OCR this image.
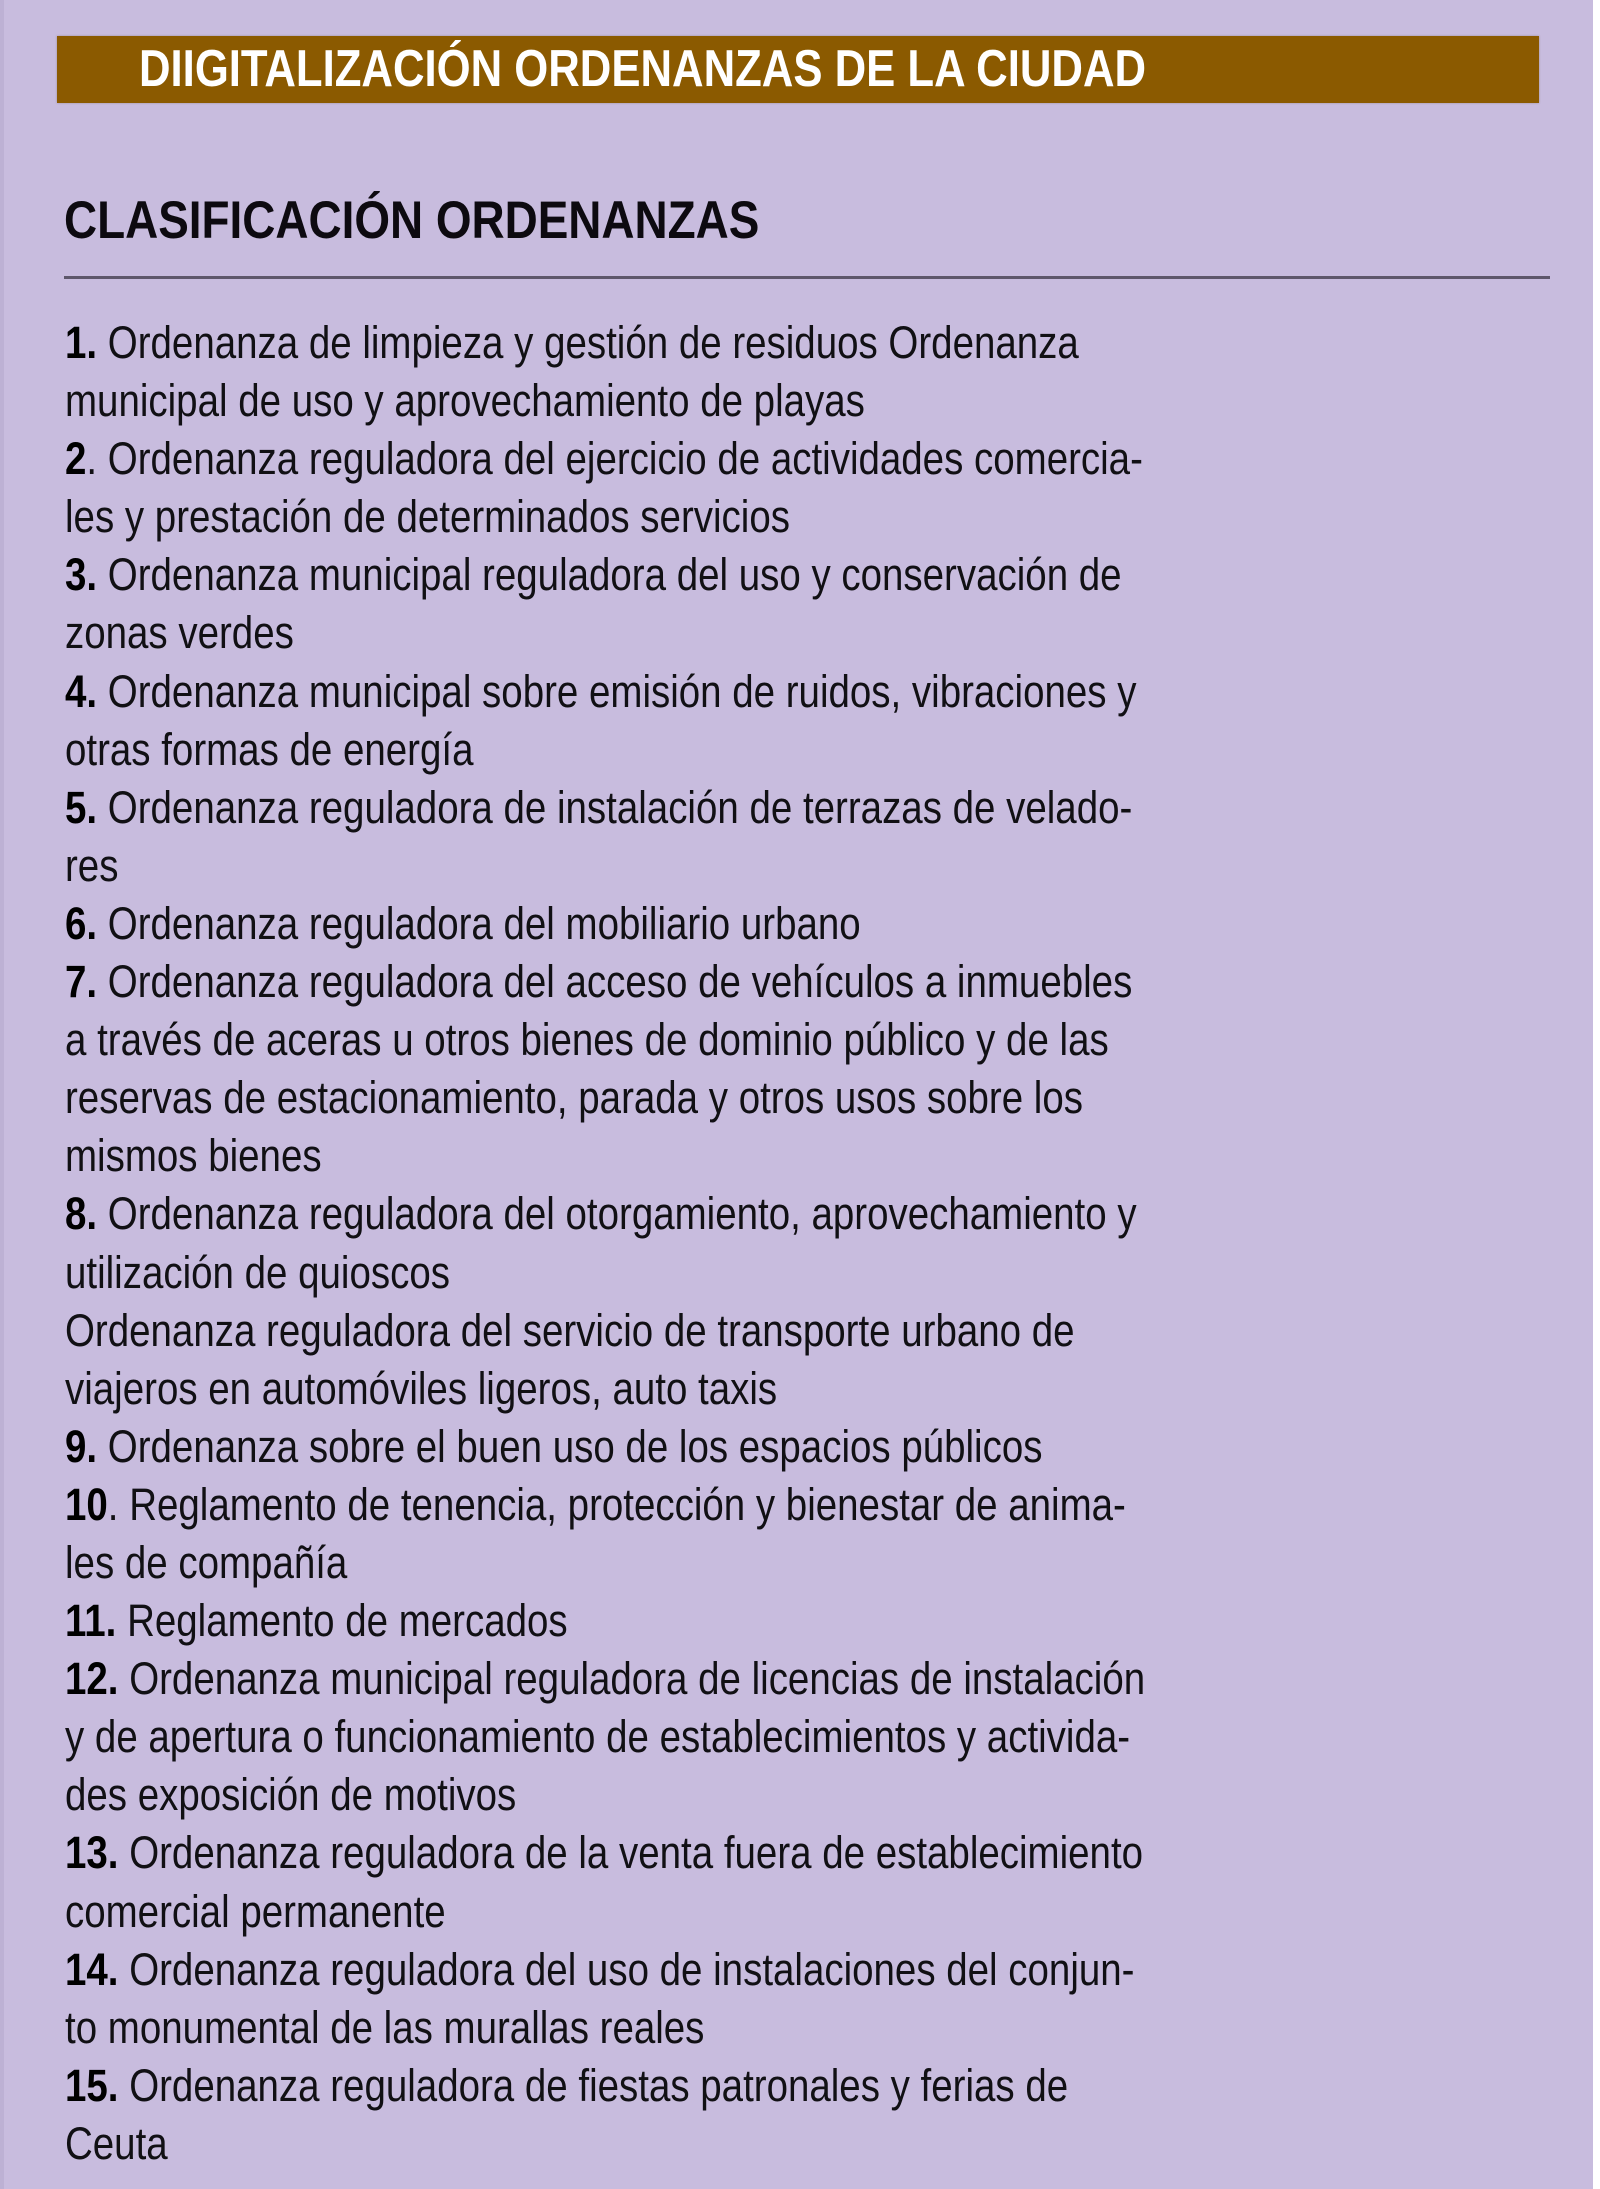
DIIGITALIZACIÓN ORDENANZAS DE LA CIUDAD
CLASIFICACIÓN ORDENANZAS
1. Ordenanza de limpieza y gestión de residuos Ordenanza
municipal de uso y aprovechamiento de playas
2. Ordenanza reguladora del ejercicio de actividades comercia-
les y prestación de determinados servicios
3. Ordenanza municipal reguladora del uso y conservación de
zonas verdes
4. Ordenanza municipal sobre emisión de ruidos, vibraciones y
otras formas de energía
5. Ordenanza reguladora de instalación de terrazas de velado-
res
6. Ordenanza reguladora del mobiliario urbano
7. Ordenanza reguladora del acceso de vehículos a inmuebles
a través de aceras u otros bienes de dominio público y de las
reservas de estacionamiento, parada y otros usos sobre los
mismos bienes
8. Ordenanza reguladora del otorgamiento, aprovechamiento y
utilización de quioscos
Ordenanza reguladora del servicio de transporte urbano de
viajeros en automóviles ligeros, auto taxis
9. Ordenanza sobre el buen uso de los espacios públicos
10. Reglamento de tenencia, protección y bienestar de anima-
les de compañía
11. Reglamento de mercados
12. Ordenanza municipal reguladora de licencias de instalación
y de apertura o funcionamiento de establecimientos y activida-
des exposición de motivos
13. Ordenanza reguladora de la venta fuera de establecimiento
comercial permanente
14. Ordenanza reguladora del uso de instalaciones del conjun-
to monumental de las murallas reales
15. Ordenanza reguladora de fiestas patronales y ferias de
Ceuta
